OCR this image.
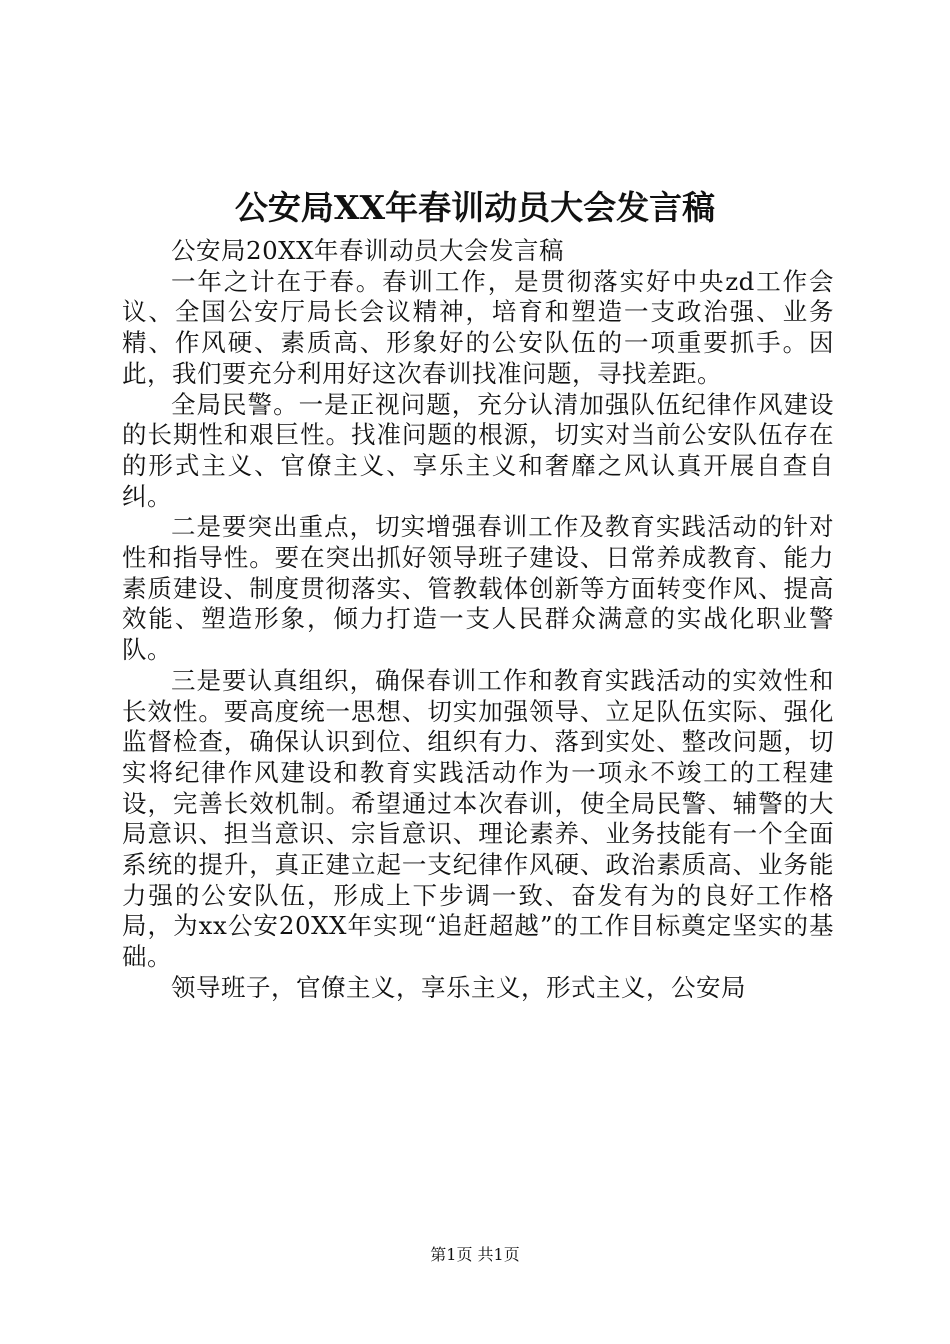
公安局XX年春训动员大会发言稿

公安局20XX年春训动员大会发言稿

一年之计在于春。春训工作，是贯彻落实好中央zd工作会议、全国公安厅局长会议精神，培育和塑造一支政治强、业务精、作风硬、素质高、形象好的公安队伍的一项重要抓手。因此，我们要充分利用好这次春训找准问题，寻找差距。

全局民警。一是正视问题，充分认清加强队伍纪律作风建设的长期性和艰巨性。找准问题的根源，切实对当前公安队伍存在的形式主义、官僚主义、享乐主义和奢靡之风认真开展自查自纠。

二是要突出重点，切实增强春训工作及教育实践活动的针对性和指导性。要在突出抓好领导班子建设、日常养成教育、能力素质建设、制度贯彻落实、管教载体创新等方面转变作风、提高效能、塑造形象，倾力打造一支人民群众满意的实战化职业警队。

三是要认真组织，确保春训工作和教育实践活动的实效性和长效性。要高度统一思想、切实加强领导、立足队伍实际、强化监督检查，确保认识到位、组织有力、落到实处、整改问题，切实将纪律作风建设和教育实践活动作为一项永不竣工的工程建设，完善长效机制。希望通过本次春训，使全局民警、辅警的大局意识、担当意识、宗旨意识、理论素养、业务技能有一个全面系统的提升，真正建立起一支纪律作风硬、政治素质高、业务能力强的公安队伍，形成上下步调一致、奋发有为的良好工作格局，为xx公安20XX年实现“追赶超越”的工作目标奠定坚实的基础。

领导班子，官僚主义，享乐主义，形式主义，公安局

第1页 共1页
